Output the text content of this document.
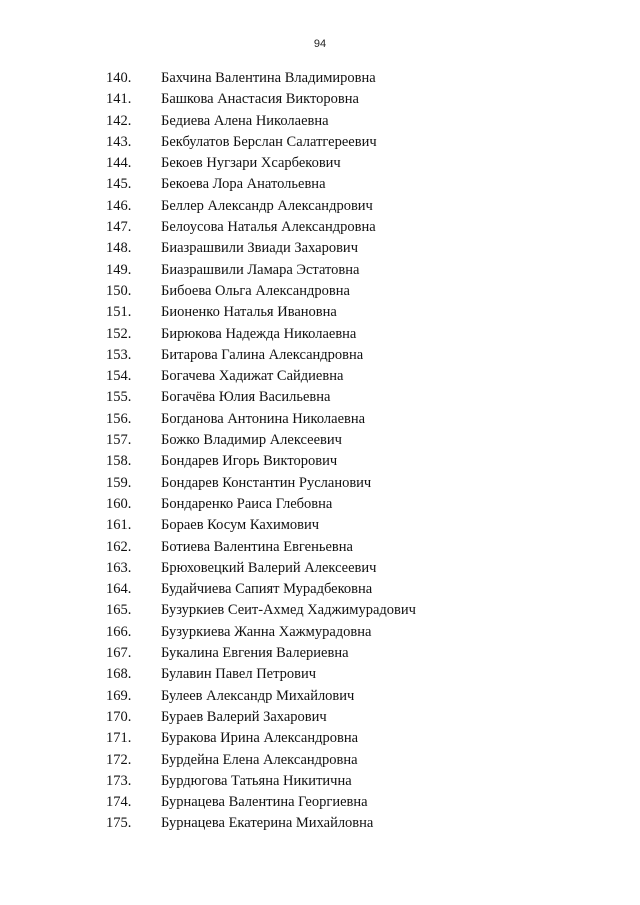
94
140.	Бахчина Валентина Владимировна
141.	Башкова Анастасия Викторовна
142.	Бедиева Алена Николаевна
143.	Бекбулатов Берслан Салатгереевич
144.	Бекоев Нугзари Хсарбекович
145.	Бекоева Лора Анатольевна
146.	Беллер Александр Александрович
147.	Белоусова Наталья Александровна
148.	Биазрашвили Звиади Захарович
149.	Биазрашвили Ламара Эстатовна
150.	Бибоева Ольга Александровна
151.	Бионенко Наталья Ивановна
152.	Бирюкова Надежда Николаевна
153.	Битарова Галина Александровна
154.	Богачева Хадижат Сайдиевна
155.	Богачёва Юлия Васильевна
156.	Богданова Антонина Николаевна
157.	Божко Владимир Алексеевич
158.	Бондарев Игорь Викторович
159.	Бондарев Константин Русланович
160.	Бондаренко Раиса Глебовна
161.	Бораев Косум Кахимович
162.	Ботиева Валентина Евгеньевна
163.	Брюховецкий Валерий Алексеевич
164.	Будайчиева Сапият Мурадбековна
165.	Бузуркиев Сеит-Ахмед Хаджимурадович
166.	Бузуркиева Жанна Хажмурадовна
167.	Букалина Евгения Валериевна
168.	Булавин Павел Петрович
169.	Булеев Александр Михайлович
170.	Бураев Валерий Захарович
171.	Буракова Ирина Александровна
172.	Бурдейна Елена Александровна
173.	Бурдюгова Татьяна Никитична
174.	Бурнацева Валентина Георгиевна
175.	Бурнацева Екатерина Михайловна
